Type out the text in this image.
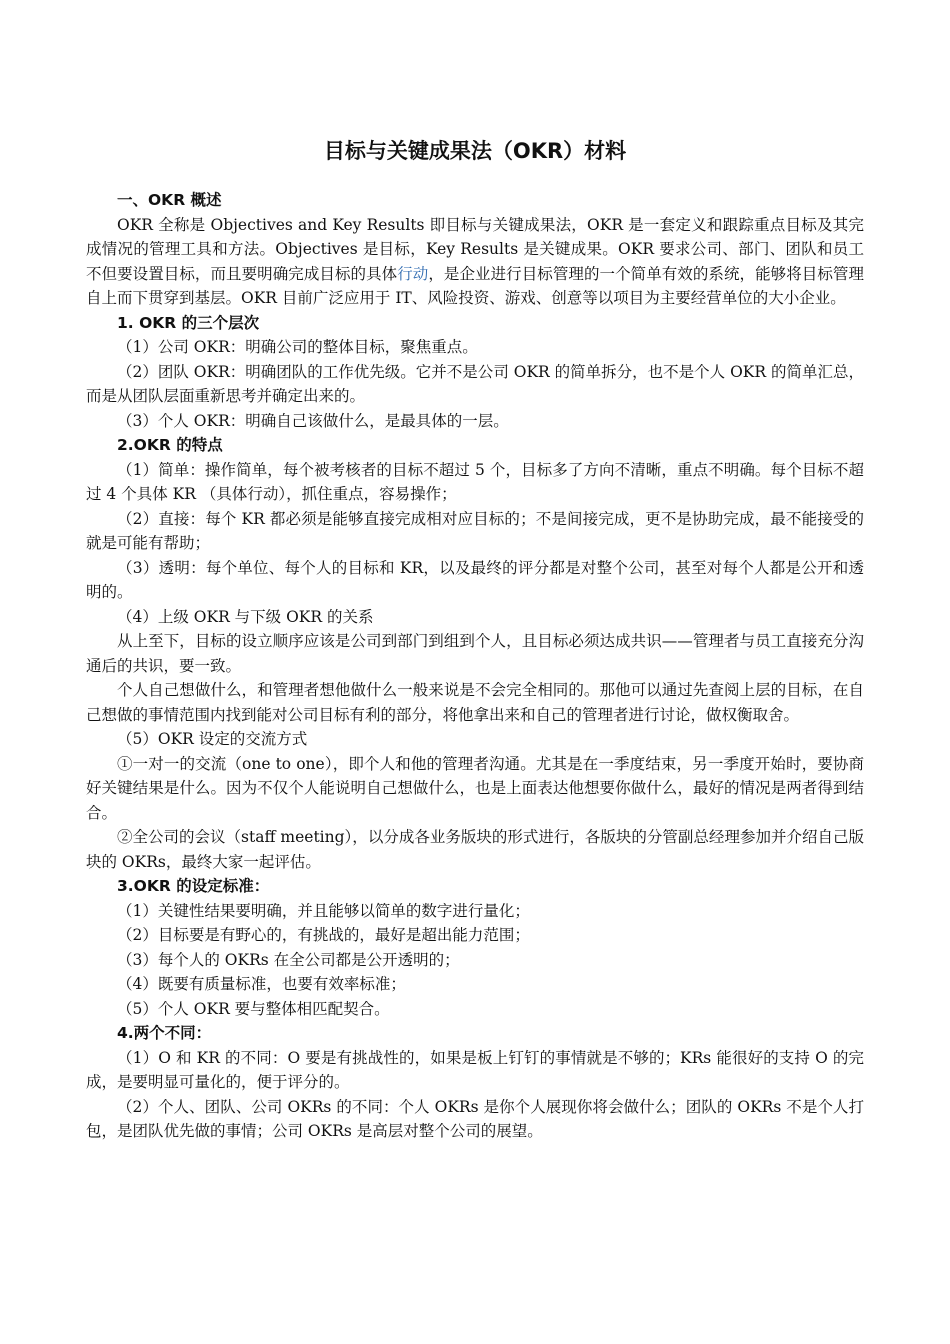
目标与关键成果法（OKR）材料
一、OKR 概述
OKR 全称是 Objectives and Key Results 即目标与关键成果法，OKR 是一套定义和跟踪重点目标及其完成情况的管理工具和方法。Objectives 是目标，Key Results 是关键成果。OKR 要求公司、部门、团队和员工不但要设置目标，而且要明确完成目标的具体行动，是企业进行目标管理的一个简单有效的系统，能够将目标管理自上而下贯穿到基层。OKR 目前广泛应用于 IT、风险投资、游戏、创意等以项目为主要经营单位的大小企业。
1. OKR 的三个层次
（1）公司 OKR：明确公司的整体目标，聚焦重点。
（2）团队 OKR：明确团队的工作优先级。它并不是公司 OKR 的简单拆分，也不是个人 OKR 的简单汇总，而是从团队层面重新思考并确定出来的。
（3）个人 OKR：明确自己该做什么，是最具体的一层。
2.OKR 的特点
（1）简单：操作简单，每个被考核者的目标不超过 5 个，目标多了方向不清晰，重点不明确。每个目标不超过 4 个具体 KR （具体行动），抓住重点，容易操作；
（2）直接：每个 KR 都必须是能够直接完成相对应目标的；不是间接完成，更不是协助完成，最不能接受的就是可能有帮助；
（3）透明：每个单位、每个人的目标和 KR，以及最终的评分都是对整个公司，甚至对每个人都是公开和透明的。
（4）上级 OKR 与下级 OKR 的关系
从上至下，目标的设立顺序应该是公司到部门到组到个人，且目标必须达成共识——管理者与员工直接充分沟通后的共识，要一致。
个人自己想做什么，和管理者想他做什么一般来说是不会完全相同的。那他可以通过先查阅上层的目标，在自己想做的事情范围内找到能对公司目标有利的部分，将他拿出来和自己的管理者进行讨论，做权衡取舍。
（5）OKR 设定的交流方式
①一对一的交流（one to one），即个人和他的管理者沟通。尤其是在一季度结束，另一季度开始时，要协商好关键结果是什么。因为不仅个人能说明自己想做什么，也是上面表达他想要你做什么，最好的情况是两者得到结合。
②全公司的会议（staff meeting），以分成各业务版块的形式进行，各版块的分管副总经理参加并介绍自己版块的 OKRs，最终大家一起评估。
3.OKR 的设定标准：
（1）关键性结果要明确，并且能够以简单的数字进行量化；
（2）目标要是有野心的，有挑战的，最好是超出能力范围；
（3）每个人的 OKRs 在全公司都是公开透明的；
（4）既要有质量标准，也要有效率标准；
（5）个人 OKR 要与整体相匹配契合。
4.两个不同：
（1）O 和 KR 的不同：O 要是有挑战性的，如果是板上钉钉的事情就是不够的；KRs 能很好的支持 O 的完成，是要明显可量化的，便于评分的。
（2）个人、团队、公司 OKRs 的不同：个人 OKRs 是你个人展现你将会做什么；团队的 OKRs 不是个人打包，是团队优先做的事情；公司 OKRs 是高层对整个公司的展望。
